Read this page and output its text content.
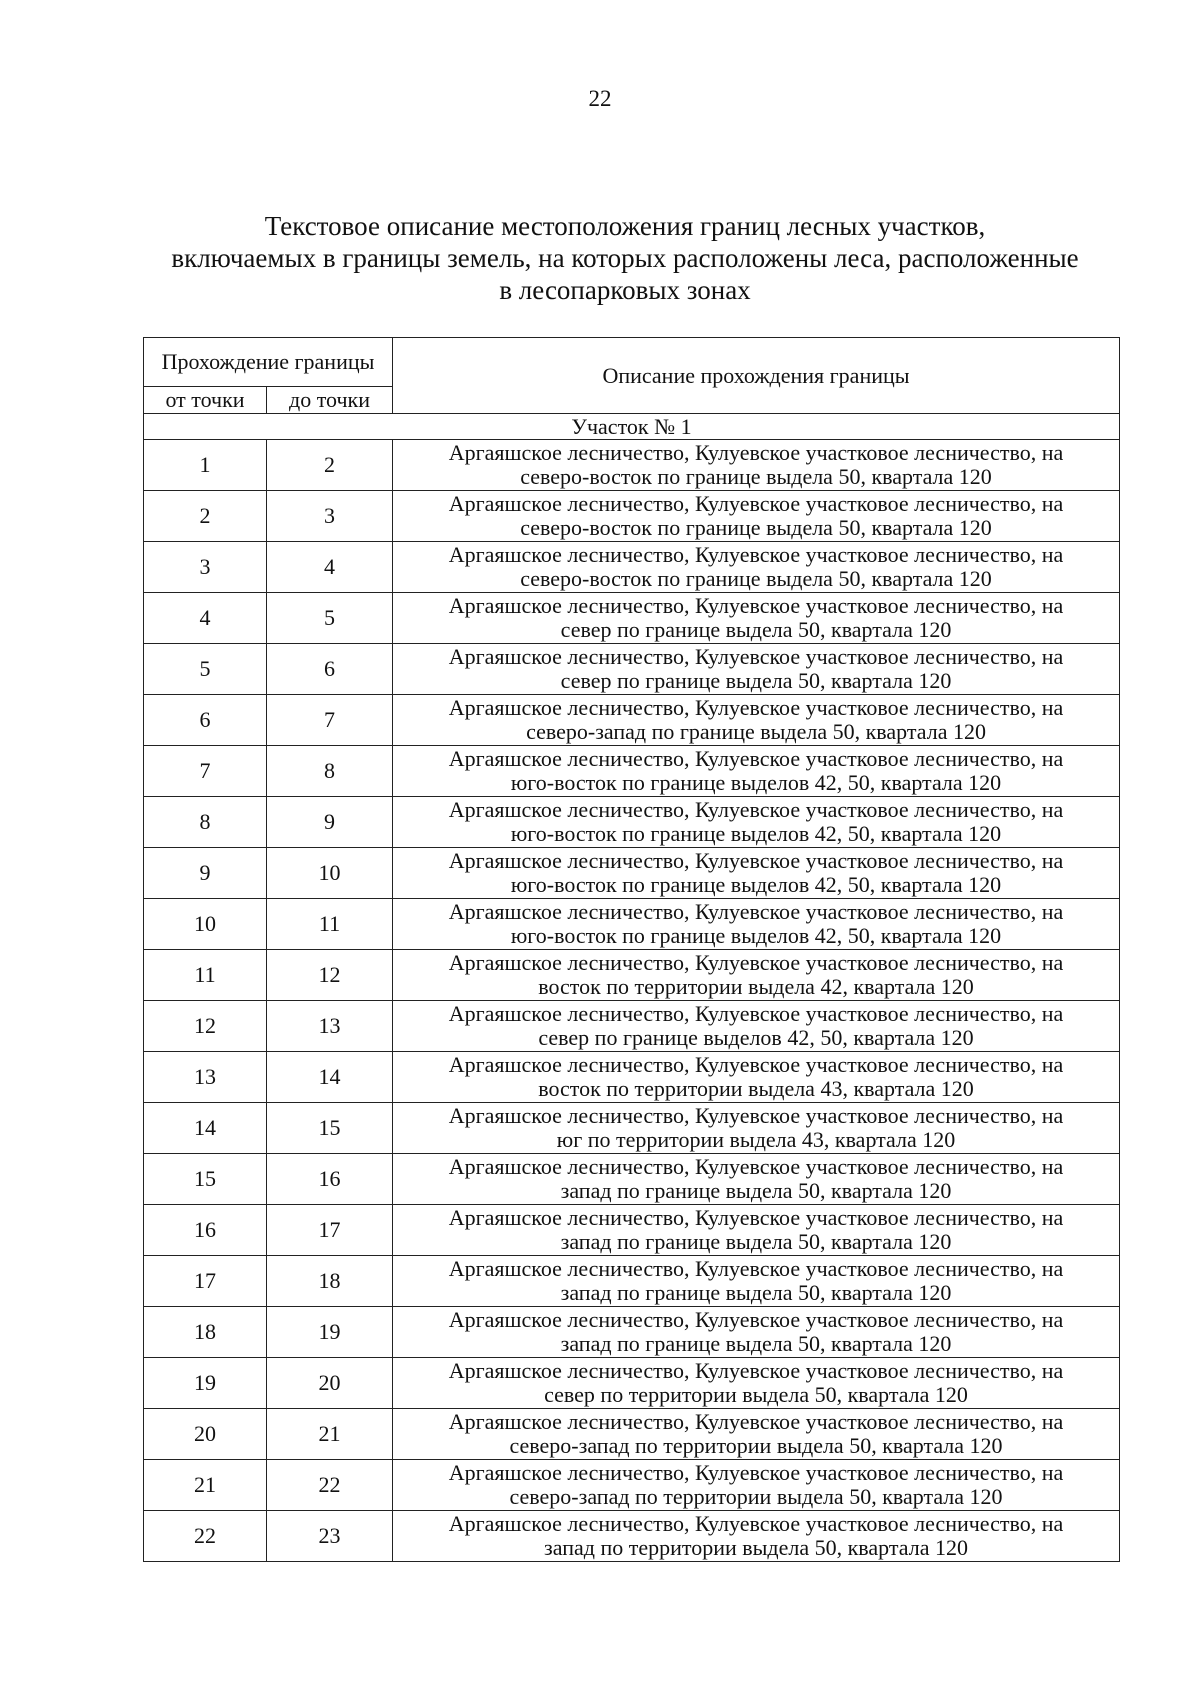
22
Текстовое описание местоположения границ лесных участков,
включаемых в границы земель, на которых расположены леса, расположенные
в лесопарковых зонах
Прохождение границы		Описание прохождения границы
от точки	до точки	
Участок № 1		
1	2	Аргаяшское лесничество, Кулуевское участковое лесничество, на
северо-восток по границе выдела 50, квартала 120

2	3	Аргаяшское лесничество, Кулуевское участковое лесничество, на
северо-восток по границе выдела 50, квартала 120

3	4	Аргаяшское лесничество, Кулуевское участковое лесничество, на
северо-восток по границе выдела 50, квартала 120

4	5	Аргаяшское лесничество, Кулуевское участковое лесничество, на
север по границе выдела 50, квартала 120

5	6	Аргаяшское лесничество, Кулуевское участковое лесничество, на
север по границе выдела 50, квартала 120

6	7	Аргаяшское лесничество, Кулуевское участковое лесничество, на
северо-запад по границе выдела 50, квартала 120

7	8	Аргаяшское лесничество, Кулуевское участковое лесничество, на
юго-восток по границе выделов 42, 50, квартала 120

8	9	Аргаяшское лесничество, Кулуевское участковое лесничество, на
юго-восток по границе выделов 42, 50, квартала 120

9	10	Аргаяшское лесничество, Кулуевское участковое лесничество, на
юго-восток по границе выделов 42, 50, квартала 120

10	11	Аргаяшское лесничество, Кулуевское участковое лесничество, на
юго-восток по границе выделов 42, 50, квартала 120

11	12	Аргаяшское лесничество, Кулуевское участковое лесничество, на
восток по территории выдела 42, квартала 120

12	13	Аргаяшское лесничество, Кулуевское участковое лесничество, на
север по границе выделов 42, 50, квартала 120

13	14	Аргаяшское лесничество, Кулуевское участковое лесничество, на
восток по территории выдела 43, квартала 120

14	15	Аргаяшское лесничество, Кулуевское участковое лесничество, на
юг по территории выдела 43, квартала 120

15	16	Аргаяшское лесничество, Кулуевское участковое лесничество, на
запад по границе выдела 50, квартала 120

16	17	Аргаяшское лесничество, Кулуевское участковое лесничество, на
запад по границе выдела 50, квартала 120

17	18	Аргаяшское лесничество, Кулуевское участковое лесничество, на
запад по границе выдела 50, квартала 120

18	19	Аргаяшское лесничество, Кулуевское участковое лесничество, на
запад по границе выдела 50, квартала 120

19	20	Аргаяшское лесничество, Кулуевское участковое лесничество, на
север по территории выдела 50, квартала 120

20	21	Аргаяшское лесничество, Кулуевское участковое лесничество, на
северо-запад по территории выдела 50, квартала 120

21	22	Аргаяшское лесничество, Кулуевское участковое лесничество, на
северо-запад по территории выдела 50, квартала 120

22	23	Аргаяшское лесничество, Кулуевское участковое лесничество, на
запад по территории выдела 50, квартала 120
